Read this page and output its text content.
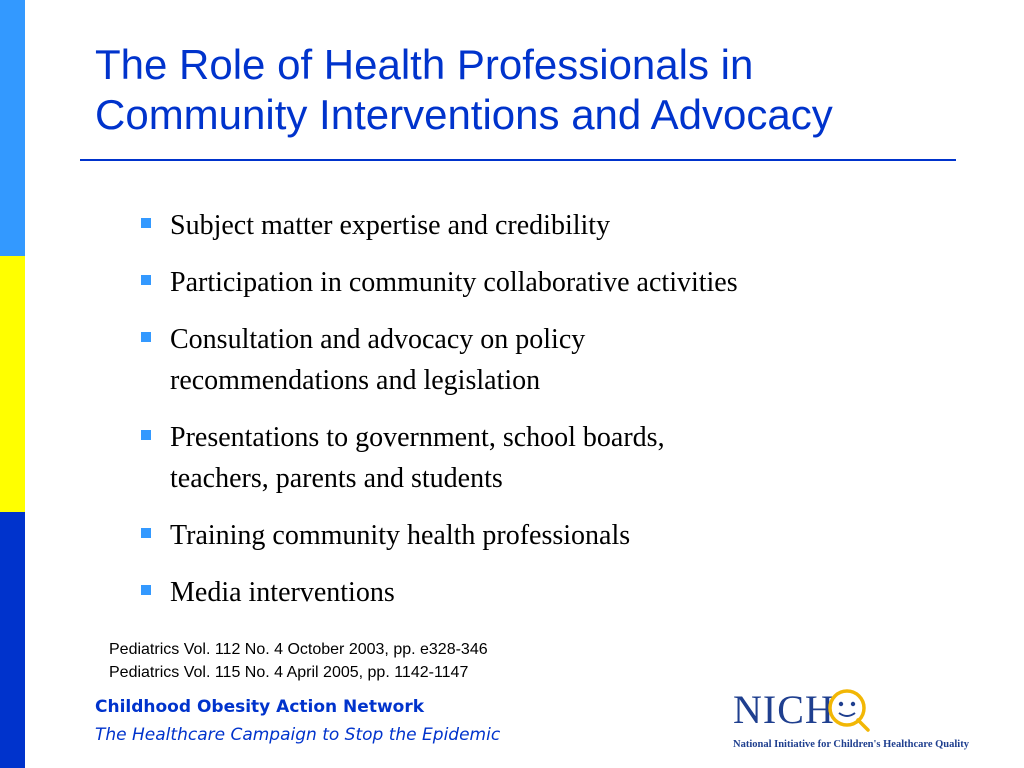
The Role of Health Professionals in
Community Interventions and Advocacy
Subject matter expertise and credibility
Participation in community collaborative activities
Consultation and advocacy on policy
recommendations and legislation
Presentations to government, school boards,
teachers, parents and students
Training community health professionals
Media interventions
Pediatrics Vol. 112 No. 4 October 2003, pp. e328-346
Pediatrics Vol. 115 No. 4 April 2005, pp. 1142-1147
Childhood Obesity Action Network
The Healthcare Campaign to Stop the Epidemic
NICH
National Initiative for Children's Healthcare Quality
